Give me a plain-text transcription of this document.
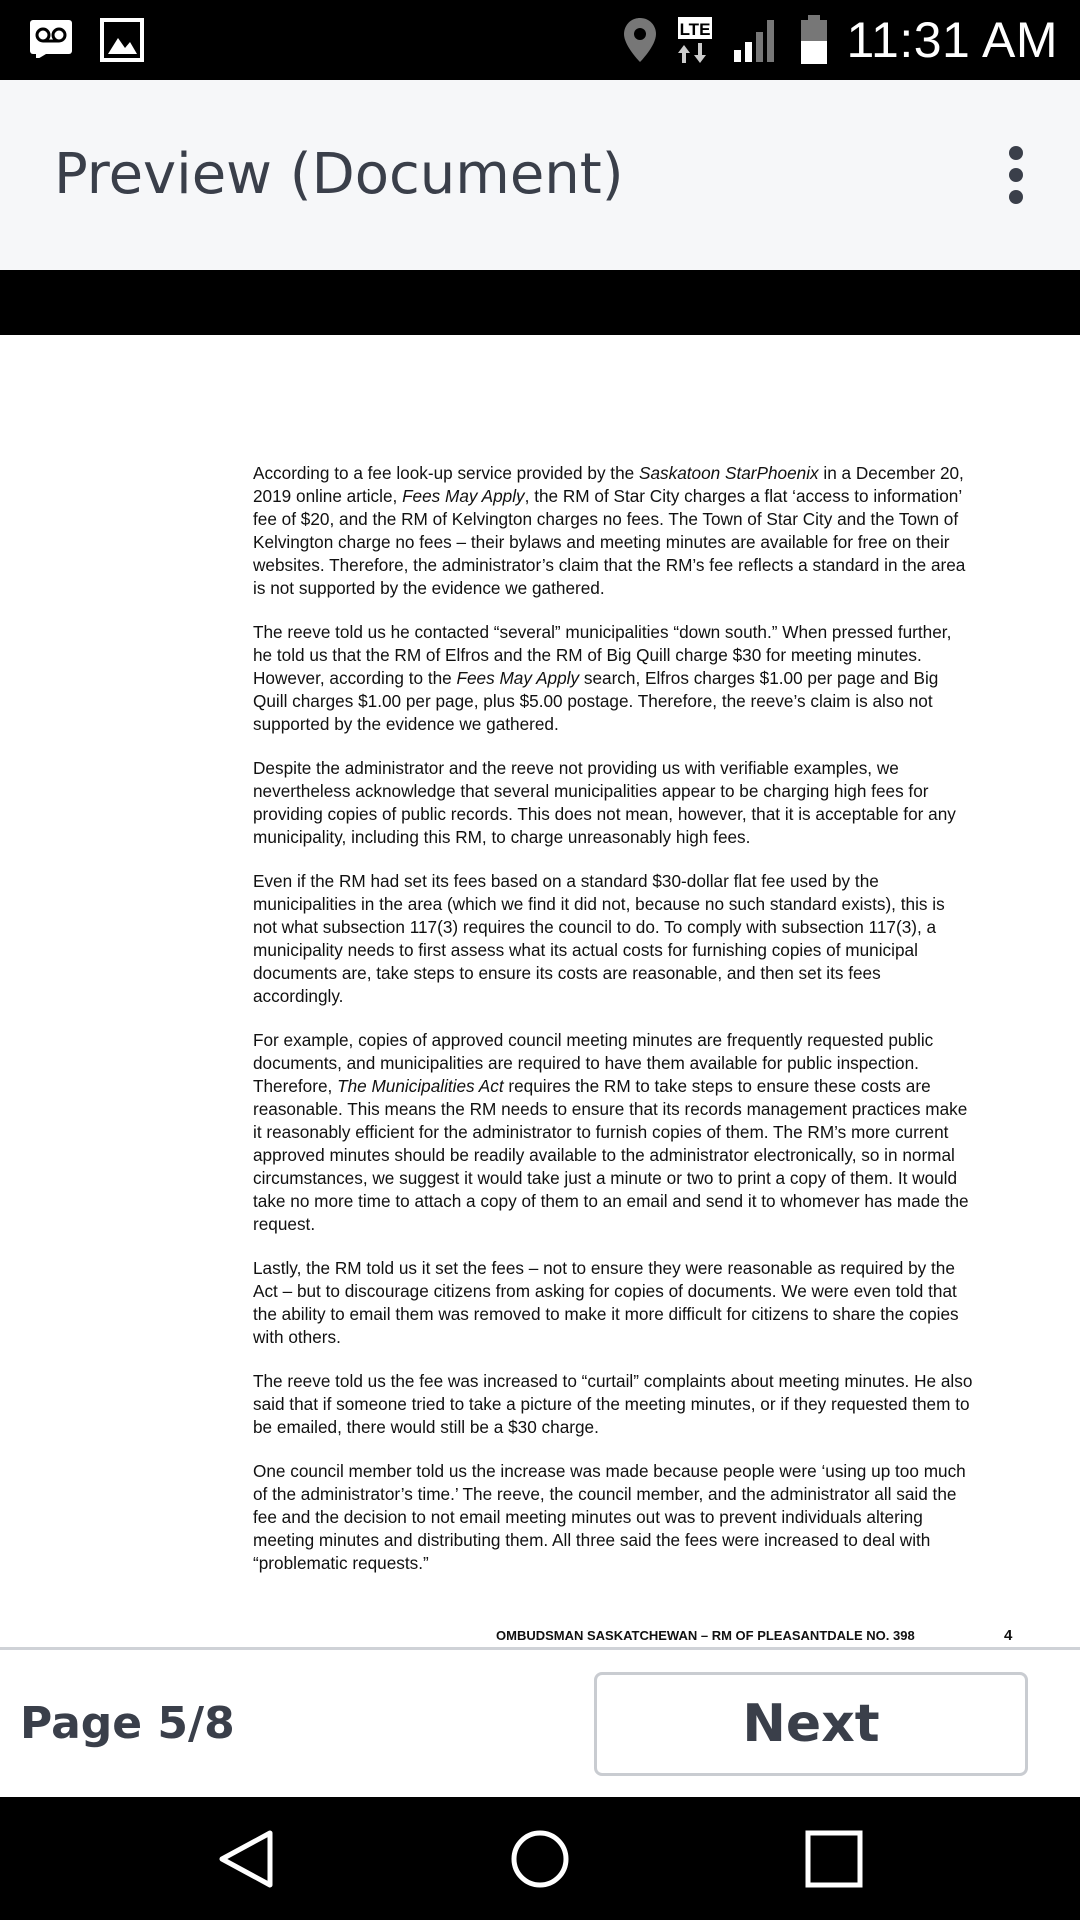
LTE	11:31 AM
Preview (Document)

According to a fee look-up service provided by the Saskatoon StarPhoenix in a December 20, 2019 online article, Fees May Apply, the RM of Star City charges a flat ‘access to information’ fee of $20, and the RM of Kelvington charges no fees. The Town of Star City and the Town of Kelvington charge no fees – their bylaws and meeting minutes are available for free on their websites. Therefore, the administrator’s claim that the RM’s fee reflects a standard in the area is not supported by the evidence we gathered.

The reeve told us he contacted “several” municipalities “down south.” When pressed further, he told us that the RM of Elfros and the RM of Big Quill charge $30 for meeting minutes. However, according to the Fees May Apply search, Elfros charges $1.00 per page and Big Quill charges $1.00 per page, plus $5.00 postage. Therefore, the reeve’s claim is also not supported by the evidence we gathered.

Despite the administrator and the reeve not providing us with verifiable examples, we nevertheless acknowledge that several municipalities appear to be charging high fees for providing copies of public records. This does not mean, however, that it is acceptable for any municipality, including this RM, to charge unreasonably high fees.

Even if the RM had set its fees based on a standard $30-dollar flat fee used by the municipalities in the area (which we find it did not, because no such standard exists), this is not what subsection 117(3) requires the council to do. To comply with subsection 117(3), a municipality needs to first assess what its actual costs for furnishing copies of municipal documents are, take steps to ensure its costs are reasonable, and then set its fees accordingly.

For example, copies of approved council meeting minutes are frequently requested public documents, and municipalities are required to have them available for public inspection. Therefore, The Municipalities Act requires the RM to take steps to ensure these costs are reasonable. This means the RM needs to ensure that its records management practices make it reasonably efficient for the administrator to furnish copies of them. The RM’s more current approved minutes should be readily available to the administrator electronically, so in normal circumstances, we suggest it would take just a minute or two to print a copy of them. It would take no more time to attach a copy of them to an email and send it to whomever has made the request.

Lastly, the RM told us it set the fees – not to ensure they were reasonable as required by the Act – but to discourage citizens from asking for copies of documents. We were even told that the ability to email them was removed to make it more difficult for citizens to share the copies with others.

The reeve told us the fee was increased to “curtail” complaints about meeting minutes. He also said that if someone tried to take a picture of the meeting minutes, or if they requested them to be emailed, there would still be a $30 charge.

One council member told us the increase was made because people were ‘using up too much of the administrator’s time.’ The reeve, the council member, and the administrator all said the fee and the decision to not email meeting minutes out was to prevent individuals altering meeting minutes and distributing them. All three said the fees were increased to deal with “problematic requests.”

OMBUDSMAN SASKATCHEWAN – RM OF PLEASANTDALE NO. 398	4
Page 5/8	Next
